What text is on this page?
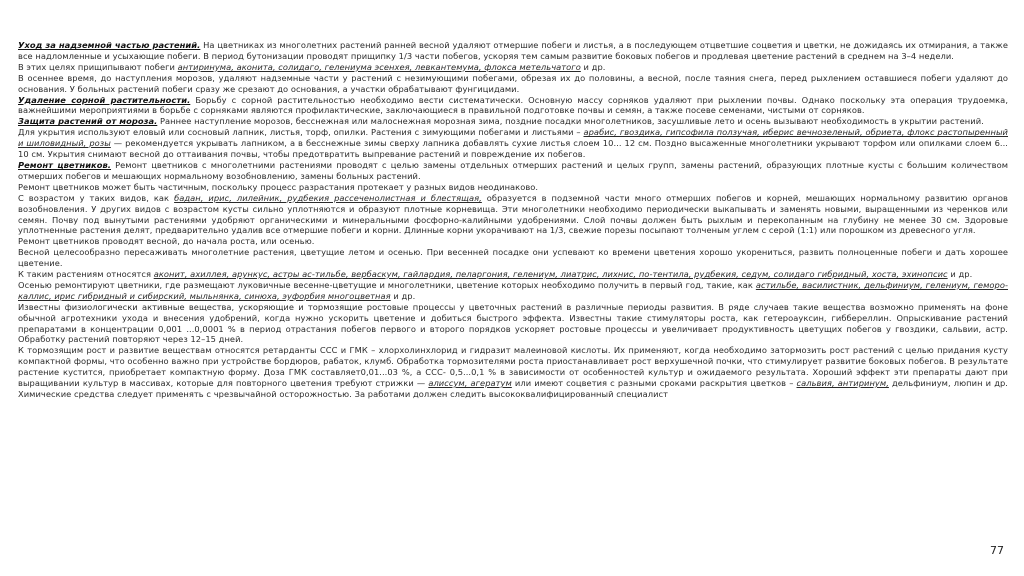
Уход за надземной частью растений. На цветниках из многолетних растений ранней весной удаляют отмершие побеги и листья, а в последующем отцветшие соцветия и цветки, не дожидаясь их отмирания, а также все надломленные и усыхающие побеги. В период бутонизации проводят прищипку 1/3 части побегов, ускоряя тем самым развитие боковых побегов и продлевая цветение растений в среднем на 3–4 недели.

В этих целях прищипывают побеги антиринума, аконита, солидаго, гелениума эсенхея, левкантемума, флокса метельчатого и др.

В осеннее время, до наступления морозов, удаляют надземные части у растений с незимующими побегами, обрезая их до половины, а весной, после таяния снега, перед рыхлением оставшиеся побеги удаляют до основания. У больных растений побеги сразу же срезают до основания, а участки обрабатывают фунгицидами.

Удаление сорной растительности. Борьбу с сорной растительностью необходимо вести систематически. Основную массу сорняков удаляют при рыхлении почвы. Однако поскольку эта операция трудоемка, важнейшими мероприятиями в борьбе с сорняками являются профилактические, заключающиеся в правильной подготовке почвы и семян, а также посеве семенами, чистыми от сорняков.

Защита растений от мороза. Раннее наступление морозов, бесснежная или малоснежная морозная зима, поздние посадки многолетников, засушливые лето и осень вызывают необходимость в укрытии растений.

Для укрытия используют еловый или сосновый лапник, листья, торф, опилки. Растения с зимующими побегами и листьями – арабис, гвоздика, гипсофила ползучая, иберис вечнозеленый, обриета, флокс растопыренный и шиловидный, розы — рекомендуется укрывать лапником, а в бесснежные зимы сверху лапника добавлять сухие листья слоем 10... 12 см. Поздно высаженные многолетники укрывают торфом или опилками слоем 6... 10 см. Укрытия снимают весной до оттаивания почвы, чтобы предотвратить выпревание растений и повреждение их побегов.

Ремонт цветников. Ремонт цветников с многолетними растениями проводят с целью замены отдельных отмерших растений и целых групп, замены растений, образующих плотные кусты с большим количеством отмерших побегов и мешающих нормальному возобновлению, замены больных растений.

Ремонт цветников может быть частичным, поскольку процесс разрастания протекает у разных видов неодинаково.

С возрастом у таких видов, как бадан, ирис, лилейник, рудбекия рассеченолистная и блестящая, образуется в подземной части много отмерших побегов и корней, мешающих нормальному развитию органов возобновления. У других видов с возрастом кусты сильно уплотняются и образуют плотные корневища. Эти многолетники необходимо периодически выкапывать и заменять новыми, выращенными из черенков или семян. Почву под вынутыми растениями удобряют органическими и минеральными фосфорно-калийными удобрениями. Слой почвы должен быть рыхлым и перекопанным на глубину не менее 30 см. Здоровые уплотненные растения делят, предварительно удалив все отмершие побеги и корни. Длинные корни укорачивают на 1/3, свежие порезы посыпают толченым углем с серой (1:1) или порошком из древесного угля.

Ремонт цветников проводят весной, до начала роста, или осенью.

Весной целесообразно пересаживать многолетние растения, цветущие летом и осенью. При весенней посадке они успевают ко времени цветения хорошо укорениться, развить полноценные побеги и дать хорошее цветение.

К таким растениям относятся аконит, ахиллея, арункус, астры ас-тильбе, вербаскум, гайлардия, пеларгония, гелениум, лиатрис, лихнис, по-тентила, рудбекия, седум, солидаго гибридный, хоста, эхинопсис и др.

Осенью ремонтируют цветники, где размещают луковичные весенне-цветущие и многолетники, цветение которых необходимо получить в первый год, такие, как астильбе, василистник, дельфиниум, гелениум, геморо-каллис, ирис гибридный и сибирский, мыльнянка, синюха, эуфорбия многоцветная и др.

Известны физиологически активные вещества, ускоряющие и тормозящие ростовые процессы у цветочных растений в различные периоды развития. В ряде случаев такие вещества возможно применять на фоне обычной агротехники ухода и внесения удобрений, когда нужно ускорить цветение и добиться быстрого эффекта. Известны такие стимуляторы роста, как гетероауксин, гиббереллин. Опрыскивание растений препаратами в концентрации 0,001 ...0,0001 % в период отрастания побегов первого и второго порядков ускоряет ростовые процессы и увеличивает продуктивность цветущих побегов у гвоздики, сальвии, астр. Обработку растений повторяют через 12–15 дней.

К тормозящим рост и развитие веществам относятся ретарданты ССС и ГМК – хлорхолинхлорид и гидразит малеиновой кислоты. Их применяют, когда необходимо затормозить рост растений с целью придания кусту компактной формы, что особенно важно при устройстве бордюров, рабаток, клумб. Обработка тормозителями роста приостанавливает рост верхушечной почки, что стимулирует развитие боковых побегов. В результате растение кустится, приобретает компактную форму. Доза ГМК составляет0,01...03 %, а ССС- 0,5...0,1 % в зависимости от особенностей культур и ожидаемого результата. Хороший эффект эти препараты дают при выращивании культур в массивах, которые для повторного цветения требуют стрижки — алиссум, агератум или имеют соцветия с разными сроками раскрытия цветков – сальвия, антиринум, дельфиниум, люпин и др. Химические средства следует применять с чрезвычайной осторожностью. За работами должен следить высококвалифицированный специалист

77
